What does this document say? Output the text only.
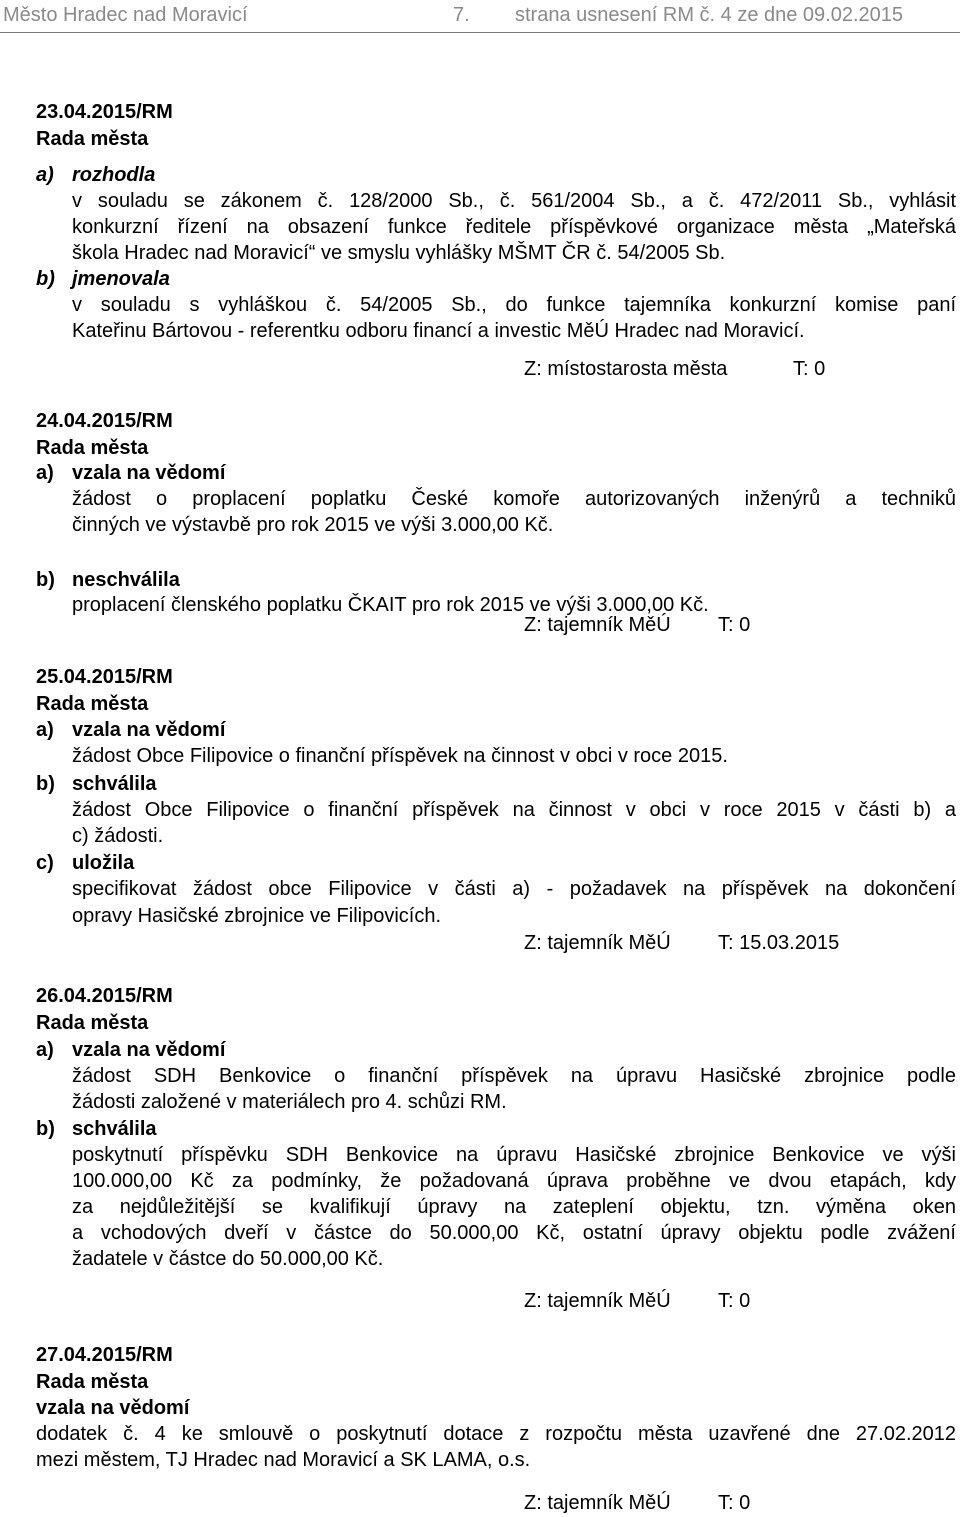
Město Hradec nad Moravicí	7. strana usnesení RM č. 4 ze dne 09.02.2015
23.04.2015/RM
Rada města
a) rozhodla
v souladu se zákonem č. 128/2000 Sb., č. 561/2004 Sb., a č. 472/2011 Sb., vyhlásit
konkurzní řízení na obsazení funkce ředitele příspěvkové organizace města „Mateřská
škola Hradec nad Moravicí“ ve smyslu vyhlášky MŠMT ČR č. 54/2005 Sb.
b) jmenovala
v souladu s vyhláškou č. 54/2005 Sb., do funkce tajemníka konkurzní komise paní
Kateřinu Bártovou - referentku odboru financí a investic MěÚ Hradec nad Moravicí.
Z: místostarosta města	T: 0
24.04.2015/RM
Rada města
a) vzala na vědomí
žádost o proplacení poplatku České komoře autorizovaných inženýrů a techniků
činných ve výstavbě pro rok 2015 ve výši 3.000,00 Kč.
b) neschválila
proplacení členského poplatku ČKAIT pro rok 2015 ve výši 3.000,00 Kč.
Z: tajemník MěÚ T: 0
25.04.2015/RM
Rada města
a) vzala na vědomí
žádost Obce Filipovice o finanční příspěvek na činnost v obci v roce 2015.
b) schválila
žádost Obce Filipovice o finanční příspěvek na činnost v obci v roce 2015 v části b) a
c) žádosti.
c) uložila
specifikovat žádost obce Filipovice v části a) - požadavek na příspěvek na dokončení
opravy Hasičské zbrojnice ve Filipovicích.
Z: tajemník MěÚ T: 15.03.2015
26.04.2015/RM
Rada města
a) vzala na vědomí
žádost SDH Benkovice o finanční příspěvek na úpravu Hasičské zbrojnice podle
žádosti založené v materiálech pro 4. schůzi RM.
b) schválila
poskytnutí příspěvku SDH Benkovice na úpravu Hasičské zbrojnice Benkovice ve výši
100.000,00 Kč za podmínky, že požadovaná úprava proběhne ve dvou etapách, kdy
za nejdůležitější se kvalifikují úpravy na zateplení objektu, tzn. výměna oken
a vchodových dveří v částce do 50.000,00 Kč, ostatní úpravy objektu podle zvážení
žadatele v částce do 50.000,00 Kč.
Z: tajemník MěÚ T: 0
27.04.2015/RM
Rada města
vzala na vědomí
dodatek č. 4 ke smlouvě o poskytnutí dotace z rozpočtu města uzavřené dne 27.02.2012
mezi městem, TJ Hradec nad Moravicí a SK LAMA, o.s.
Z: tajemník MěÚ T: 0
